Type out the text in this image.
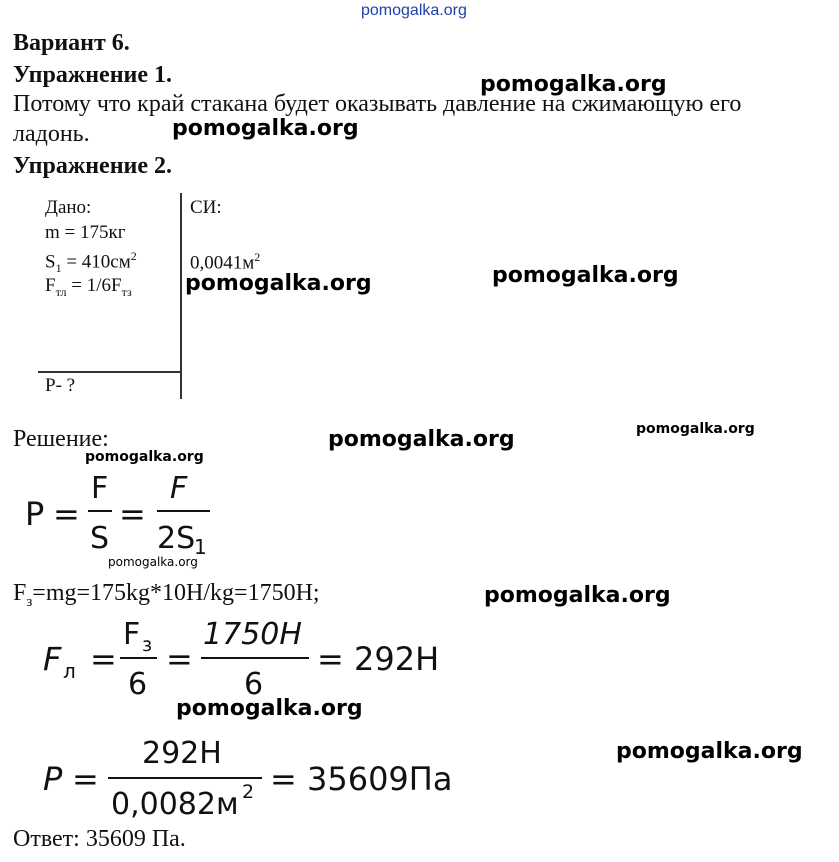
pomogalka.org
Вариант 6.
Упражнение 1.
Потому что край стакана будет оказывать давление на сжимающую его
ладонь.
Упражнение 2.
Дано:
m = 175кг
$S_1 = 410см^2$
$F_{тл} = 1/6F_{тз}$
P- ?
СИ:
$0,0041м^2$
Решение:
P =
F
S
=
F
2S
1
$F_з=mg=175kg*10H/kg=1750H$;
F л =
F з
6
=
1750H
6
= 292Н
P =
292Н
0,0082м 2 = 35609Па
Ответ: 35609 Па.
pomogalka.org
pomogalka.org
pomogalka.org	pomogalka.org
pomogalka.org	pomogalka.org
pomogalka.org
pomogalka.org
pomogalka.org
pomogalka.org
pomogalka.org
